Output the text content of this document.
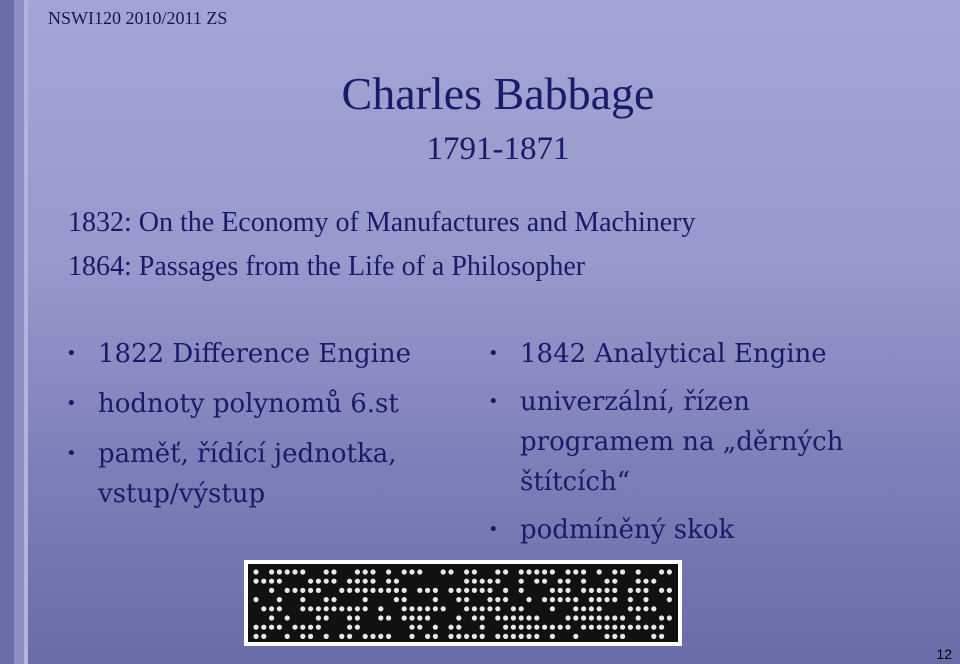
NSWI120 2010/2011 ZS
Charles Babbage
1791-1871
1832: On the Economy of Manufactures and Machinery
1864: Passages from the Life of a Philosopher
• 1822 Difference Engine
• hodnoty polynomů 6.st
• paměť, řídící jednotka, vstup/výstup
• 1842 Analytical Engine
• univerzální, řízen programem na „děrných štítcích“
• podmíněný skok
12
